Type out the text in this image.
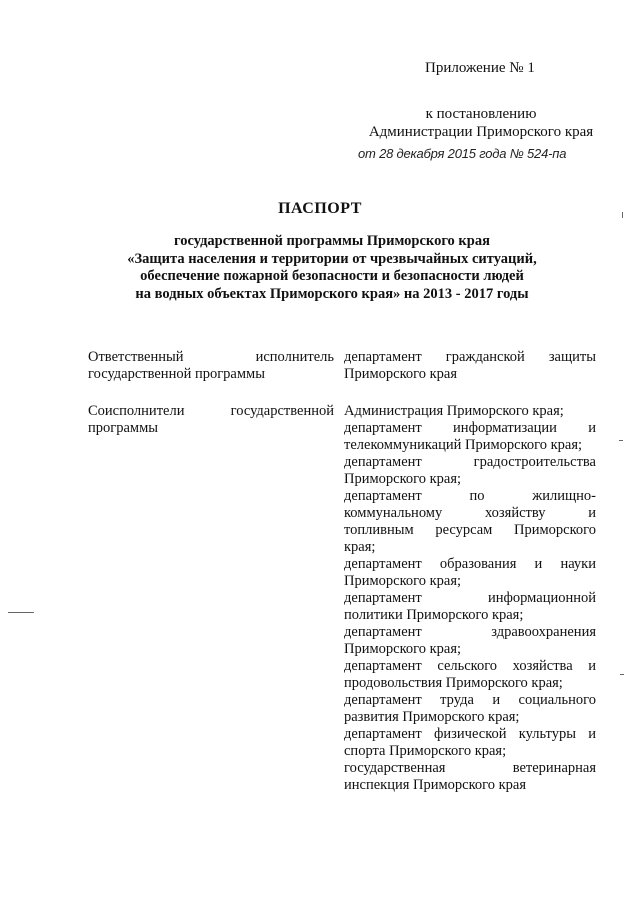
Приложение № 1
к постановлению
Администрации Приморского края
от 28 декабря 2015 года № 524-па
ПАСПОРТ
государственной программы Приморского края
«Защита населения и территории от чрезвычайных ситуаций,
обеспечение пожарной безопасности и безопасности людей
на водных объектах Приморского края» на 2013 - 2017 годы
Ответственный исполнитель
государственной программы
департамент гражданской защиты
Приморского края
Соисполнители государственной
программы
Администрация Приморского края;
департамент информатизации и
телекоммуникаций Приморского края;
департамент градостроительства
Приморского края;
департамент по жилищно-
коммунальному хозяйству и
топливным ресурсам Приморского
края;
департамент образования и науки
Приморского края;
департамент информационной
политики Приморского края;
департамент здравоохранения
Приморского края;
департамент сельского хозяйства и
продовольствия Приморского края;
департамент труда и социального
развития Приморского края;
департамент физической культуры и
спорта Приморского края;
государственная ветеринарная
инспекция Приморского края
